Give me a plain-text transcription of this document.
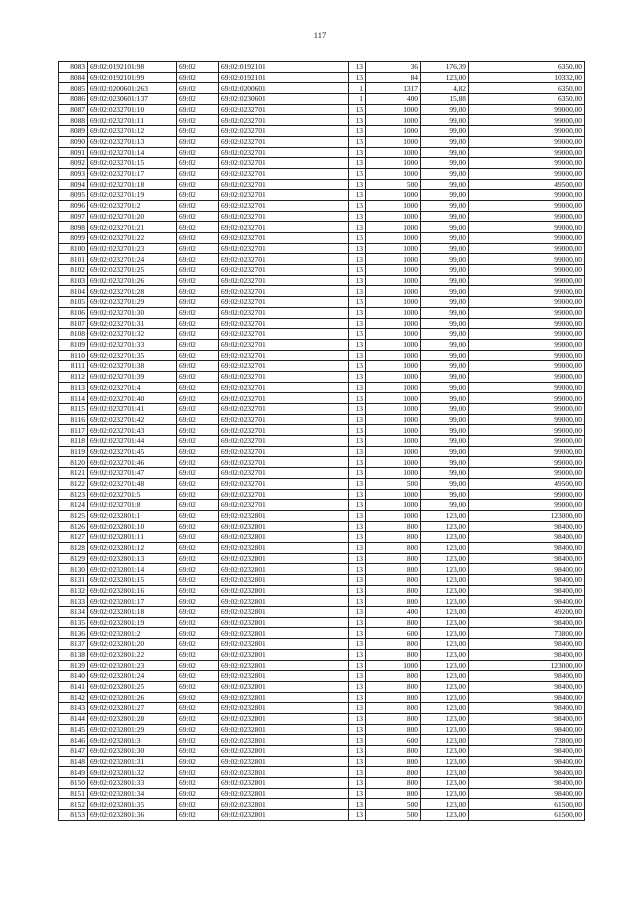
117
8083	69:02:0192101:98	69:02	69:02:0192101	13	36	176,39	6350,00
8084	69:02:0192101:99	69:02	69:02:0192101	13	84	123,00	10332,00
8085	69:02:0200601:263	69:02	69:02:0200601	1	1317	4,82	6350,00
8086	69:02:0230601:137	69:02	69:02:0230601	1	400	15,88	6350,00
8087	69:02:0232701:10	69:02	69:02:0232701	13	1000	99,00	99000,00
8088	69:02:0232701:11	69:02	69:02:0232701	13	1000	99,00	99000,00
8089	69:02:0232701:12	69:02	69:02:0232701	13	1000	99,00	99000,00
8090	69:02:0232701:13	69:02	69:02:0232701	13	1000	99,00	99000,00
8091	69:02:0232701:14	69:02	69:02:0232701	13	1000	99,00	99000,00
8092	69:02:0232701:15	69:02	69:02:0232701	13	1000	99,00	99000,00
8093	69:02:0232701:17	69:02	69:02:0232701	13	1000	99,00	99000,00
8094	69:02:0232701:18	69:02	69:02:0232701	13	500	99,00	49500,00
8095	69:02:0232701:19	69:02	69:02:0232701	13	1000	99,00	99000,00
8096	69:02:0232701:2	69:02	69:02:0232701	13	1000	99,00	99000,00
8097	69:02:0232701:20	69:02	69:02:0232701	13	1000	99,00	99000,00
8098	69:02:0232701:21	69:02	69:02:0232701	13	1000	99,00	99000,00
8099	69:02:0232701:22	69:02	69:02:0232701	13	1000	99,00	99000,00
8100	69:02:0232701:23	69:02	69:02:0232701	13	1000	99,00	99000,00
8101	69:02:0232701:24	69:02	69:02:0232701	13	1000	99,00	99000,00
8102	69:02:0232701:25	69:02	69:02:0232701	13	1000	99,00	99000,00
8103	69:02:0232701:26	69:02	69:02:0232701	13	1000	99,00	99000,00
8104	69:02:0232701:28	69:02	69:02:0232701	13	1000	99,00	99000,00
8105	69:02:0232701:29	69:02	69:02:0232701	13	1000	99,00	99000,00
8106	69:02:0232701:30	69:02	69:02:0232701	13	1000	99,00	99000,00
8107	69:02:0232701:31	69:02	69:02:0232701	13	1000	99,00	99000,00
8108	69:02:0232701:32	69:02	69:02:0232701	13	1000	99,00	99000,00
8109	69:02:0232701:33	69:02	69:02:0232701	13	1000	99,00	99000,00
8110	69:02:0232701:35	69:02	69:02:0232701	13	1000	99,00	99000,00
8111	69:02:0232701:38	69:02	69:02:0232701	13	1000	99,00	99000,00
8112	69:02:0232701:39	69:02	69:02:0232701	13	1000	99,00	99000,00
8113	69:02:0232701:4	69:02	69:02:0232701	13	1000	99,00	99000,00
8114	69:02:0232701:40	69:02	69:02:0232701	13	1000	99,00	99000,00
8115	69:02:0232701:41	69:02	69:02:0232701	13	1000	99,00	99000,00
8116	69:02:0232701:42	69:02	69:02:0232701	13	1000	99,00	99000,00
8117	69:02:0232701:43	69:02	69:02:0232701	13	1000	99,00	99000,00
8118	69:02:0232701:44	69:02	69:02:0232701	13	1000	99,00	99000,00
8119	69:02:0232701:45	69:02	69:02:0232701	13	1000	99,00	99000,00
8120	69:02:0232701:46	69:02	69:02:0232701	13	1000	99,00	99000,00
8121	69:02:0232701:47	69:02	69:02:0232701	13	1000	99,00	99000,00
8122	69:02:0232701:48	69:02	69:02:0232701	13	500	99,00	49500,00
8123	69:02:0232701:5	69:02	69:02:0232701	13	1000	99,00	99000,00
8124	69:02:0232701:8	69:02	69:02:0232701	13	1000	99,00	99000,00
8125	69:02:0232801:1	69:02	69:02:0232801	13	1000	123,00	123000,00
8126	69:02:0232801:10	69:02	69:02:0232801	13	800	123,00	98400,00
8127	69:02:0232801:11	69:02	69:02:0232801	13	800	123,00	98400,00
8128	69:02:0232801:12	69:02	69:02:0232801	13	800	123,00	98400,00
8129	69:02:0232801:13	69:02	69:02:0232801	13	800	123,00	98400,00
8130	69:02:0232801:14	69:02	69:02:0232801	13	800	123,00	98400,00
8131	69:02:0232801:15	69:02	69:02:0232801	13	800	123,00	98400,00
8132	69:02:0232801:16	69:02	69:02:0232801	13	800	123,00	98400,00
8133	69:02:0232801:17	69:02	69:02:0232801	13	800	123,00	98400,00
8134	69:02:0232801:18	69:02	69:02:0232801	13	400	123,00	49200,00
8135	69:02:0232801:19	69:02	69:02:0232801	13	800	123,00	98400,00
8136	69:02:0232801:2	69:02	69:02:0232801	13	600	123,00	73800,00
8137	69:02:0232801:20	69:02	69:02:0232801	13	800	123,00	98400,00
8138	69:02:0232801:22	69:02	69:02:0232801	13	800	123,00	98400,00
8139	69:02:0232801:23	69:02	69:02:0232801	13	1000	123,00	123000,00
8140	69:02:0232801:24	69:02	69:02:0232801	13	800	123,00	98400,00
8141	69:02:0232801:25	69:02	69:02:0232801	13	800	123,00	98400,00
8142	69:02:0232801:26	69:02	69:02:0232801	13	800	123,00	98400,00
8143	69:02:0232801:27	69:02	69:02:0232801	13	800	123,00	98400,00
8144	69:02:0232801:28	69:02	69:02:0232801	13	800	123,00	98400,00
8145	69:02:0232801:29	69:02	69:02:0232801	13	800	123,00	98400,00
8146	69:02:0232801:3	69:02	69:02:0232801	13	600	123,00	73800,00
8147	69:02:0232801:30	69:02	69:02:0232801	13	800	123,00	98400,00
8148	69:02:0232801:31	69:02	69:02:0232801	13	800	123,00	98400,00
8149	69:02:0232801:32	69:02	69:02:0232801	13	800	123,00	98400,00
8150	69:02:0232801:33	69:02	69:02:0232801	13	800	123,00	98400,00
8151	69:02:0232801:34	69:02	69:02:0232801	13	800	123,00	98400,00
8152	69:02:0232801:35	69:02	69:02:0232801	13	500	123,00	61500,00
8153	69:02:0232801:36	69:02	69:02:0232801	13	500	123,00	61500,00
